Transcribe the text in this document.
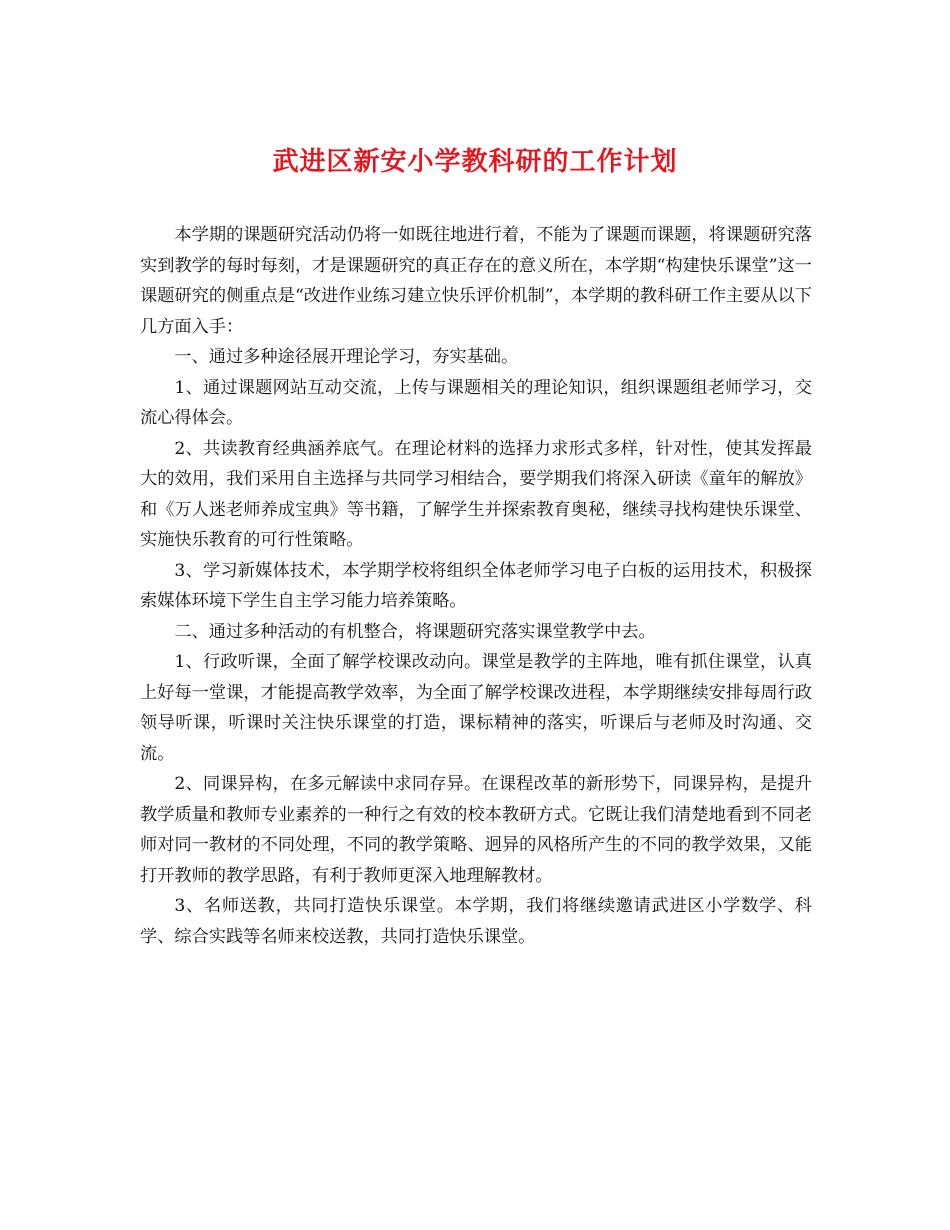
武进区新安小学教科研的工作计划

本学期的课题研究活动仍将一如既往地进行着，不能为了课题而课题，将课题研究落实到教学的每时每刻，才是课题研究的真正存在的意义所在，本学期“构建快乐课堂”这一课题研究的侧重点是“改进作业练习建立快乐评价机制”，本学期的教科研工作主要从以下几方面入手：

一、通过多种途径展开理论学习，夯实基础。

1、通过课题网站互动交流，上传与课题相关的理论知识，组织课题组老师学习，交流心得体会。

2、共读教育经典涵养底气。在理论材料的选择力求形式多样，针对性，使其发挥最大的效用，我们采用自主选择与共同学习相结合，要学期我们将深入研读《童年的解放》和《万人迷老师养成宝典》等书籍，了解学生并探索教育奥秘，继续寻找构建快乐课堂、实施快乐教育的可行性策略。

3、学习新媒体技术，本学期学校将组织全体老师学习电子白板的运用技术，积极探索媒体环境下学生自主学习能力培养策略。

二、通过多种活动的有机整合，将课题研究落实课堂教学中去。

1、行政听课，全面了解学校课改动向。课堂是教学的主阵地，唯有抓住课堂，认真上好每一堂课，才能提高教学效率，为全面了解学校课改进程，本学期继续安排每周行政领导听课，听课时关注快乐课堂的打造，课标精神的落实，听课后与老师及时沟通、交流。

2、同课异构，在多元解读中求同存异。在课程改革的新形势下，同课异构，是提升教学质量和教师专业素养的一种行之有效的校本教研方式。它既让我们清楚地看到不同老师对同一教材的不同处理，不同的教学策略、迥异的风格所产生的不同的教学效果，又能打开教师的教学思路，有利于教师更深入地理解教材。

3、名师送教，共同打造快乐课堂。本学期，我们将继续邀请武进区小学数学、科学、综合实践等名师来校送教，共同打造快乐课堂。
